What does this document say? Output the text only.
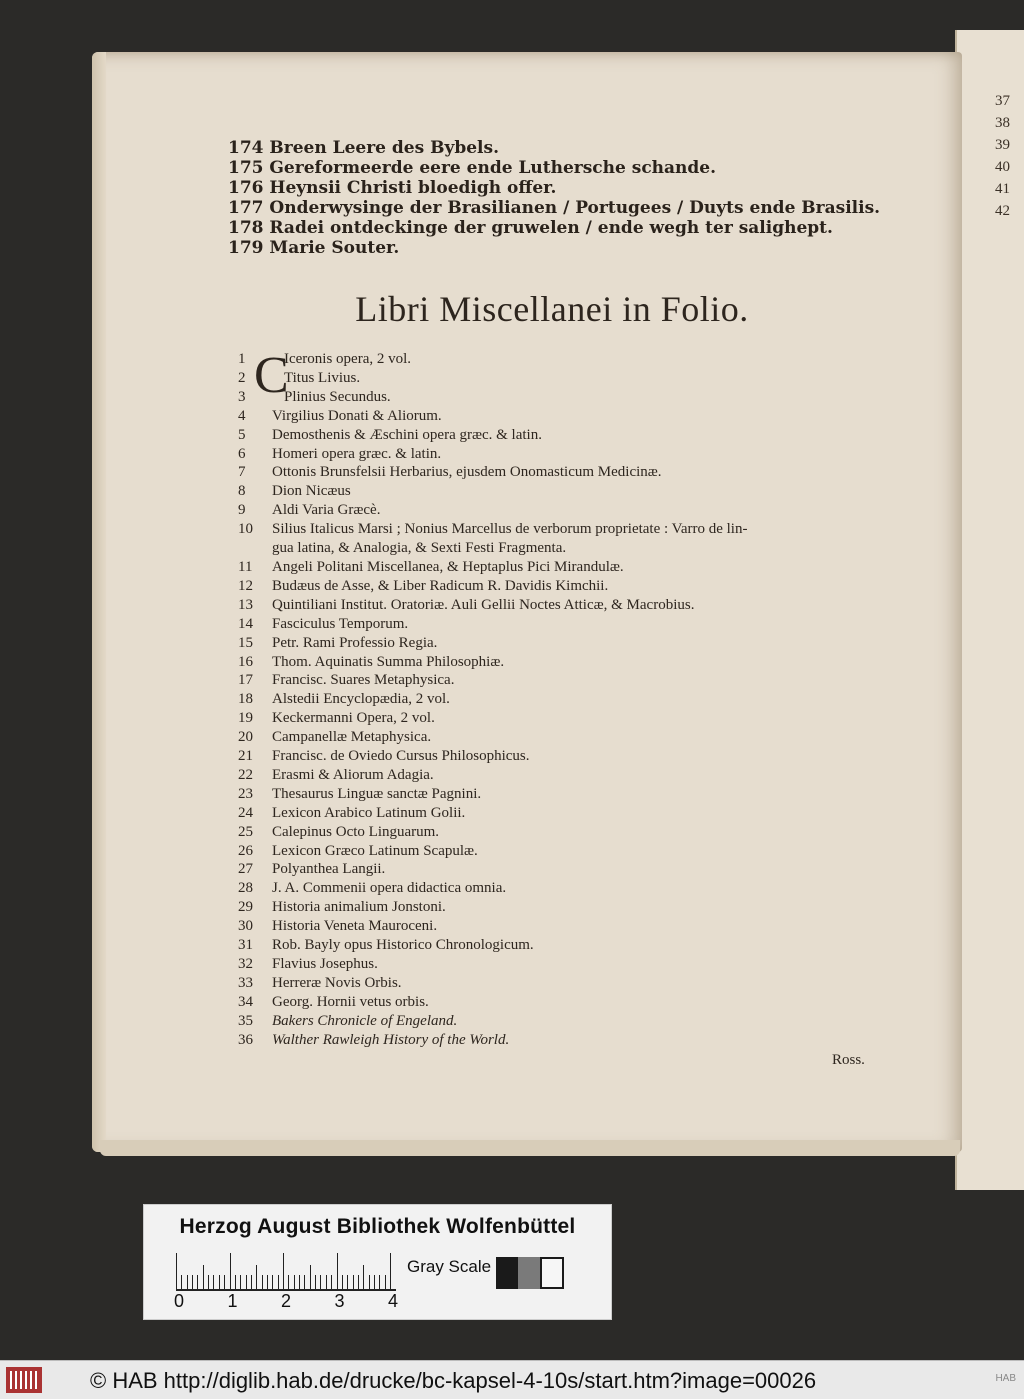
37
38
39
40
41
42
174 Breen Leere des Bybels.
175 Gereformeerde eere ende Luthersche schande.
176 Heynsii Christi bloedigh offer.
177 Onderwysinge der Brasilianen / Portugees / Duyts ende Brasilis.
178 Radei ontdeckinge der gruwelen / ende wegh ter salighept.
179 Marie Souter.
Libri Miscellanei in Folio.
C
1	Iceronis opera, 2 vol.
2	Titus Livius.
3	Plinius Secundus.
4	Virgilius Donati & Aliorum.
5	Demosthenis & Æschini opera græc. & latin.
6	Homeri opera græc. & latin.
7	Ottonis Brunsfelsii Herbarius, ejusdem Onomasticum Medicinæ.
8	Dion Nicæus
9	Aldi Varia Græcè.
10	Silius Italicus Marsi ; Nonius Marcellus de verborum proprietate : Varro de lin-
gua latina, & Analogia, & Sexti Festi Fragmenta.
11	Angeli Politani Miscellanea, & Heptaplus Pici Mirandulæ.
12	Budæus de Asse, & Liber Radicum R. Davidis Kimchii.
13	Quintiliani Institut. Oratoriæ. Auli Gellii Noctes Atticæ, & Macrobius.
14	Fasciculus Temporum.
15	Petr. Rami Professio Regia.
16	Thom. Aquinatis Summa Philosophiæ.
17	Francisc. Suares Metaphysica.
18	Alstedii Encyclopædia, 2 vol.
19	Keckermanni Opera, 2 vol.
20	Campanellæ Metaphysica.
21	Francisc. de Oviedo Cursus Philosophicus.
22	Erasmi & Aliorum Adagia.
23	Thesaurus Linguæ sanctæ Pagnini.
24	Lexicon Arabico Latinum Golii.
25	Calepinus Octo Linguarum.
26	Lexicon Græco Latinum Scapulæ.
27	Polyanthea Langii.
28	J. A. Commenii opera didactica omnia.
29	Historia animalium Jonstoni.
30	Historia Veneta Mauroceni.
31	Rob. Bayly opus Historico Chronologicum.
32	Flavius Josephus.
33	Herreræ Novis Orbis.
34	Georg. Hornii vetus orbis.
35	Bakers Chronicle of Engeland.
36	Walther Rawleigh History of the World.
Ross.
Herzog August Bibliothek Wolfenbüttel
0 1 2 3 4
Gray Scale
© HAB http://diglib.hab.de/drucke/bc-kapsel-4-10s/start.htm?image=00026	HAB
